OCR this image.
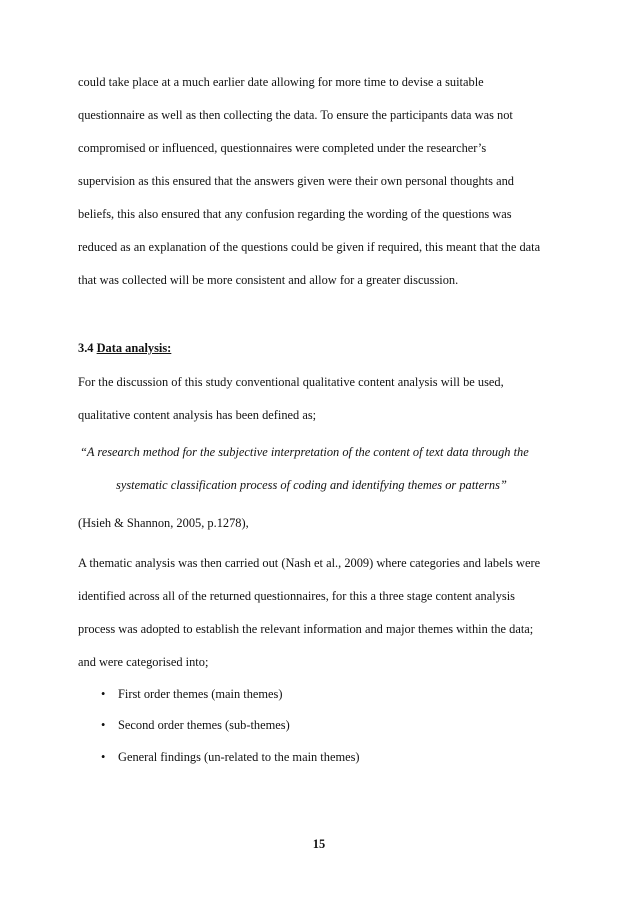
could take place at a much earlier date allowing for more time to devise a suitable
questionnaire as well as then collecting the data. To ensure the participants data was not
compromised or influenced, questionnaires were completed under the researcher’s
supervision as this ensured that the answers given were their own personal thoughts and
beliefs, this also ensured that any confusion regarding the wording of the questions was
reduced as an explanation of the questions could be given if required, this meant that the data
that was collected will be more consistent and allow for a greater discussion.
3.4 Data analysis:
For the discussion of this study conventional qualitative content analysis will be used,
qualitative content analysis has been defined as;
“A research method for the subjective interpretation of the content of text data through the
systematic classification process of coding and identifying themes or patterns”
(Hsieh & Shannon, 2005, p.1278),
A thematic analysis was then carried out (Nash et al., 2009) where categories and labels were
identified across all of the returned questionnaires, for this a three stage content analysis
process was adopted to establish the relevant information and major themes within the data;
and were categorised into;
• First order themes (main themes)
• Second order themes (sub-themes)
• General findings (un-related to the main themes)
15
